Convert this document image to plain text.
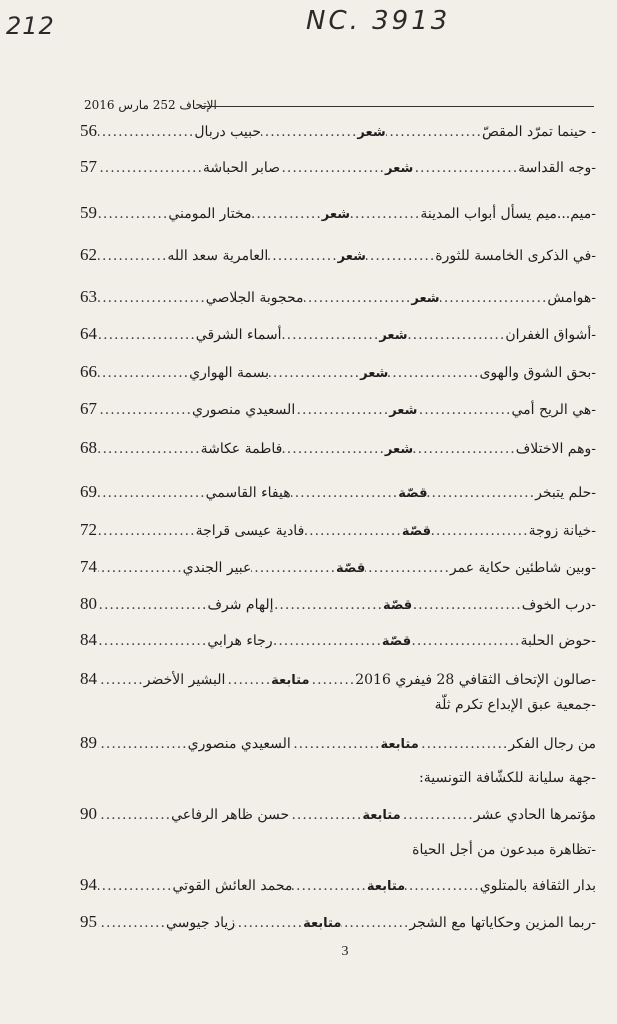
212	NC. 3913
الإتحاف 252 مارس 2016
- حينما تمرّد المقصّ
.....
شعر
.....
حبيب دربال
.....
56
-وجه القداسة
.....
شعر
.....
صابر الحباشة
.....
57
-ميم...ميم يسأل أبواب المدينة
.....
شعر
.....
مختار المومني
.....
59
-في الذكرى الخامسة للثورة
.....
شعر
.....
العامرية سعد الله
.....
62
-هوامش
.....
شعر
.....
محجوبة الجلاصي
.....
63
-أشواق الغفران
.....
شعر
.....
أسماء الشرقي
.....
64
-بحق الشوق والهوى
.....
شعر
.....
بسمة الهواري
.....
66
-هي الريح أمي
.....
شعر
.....
السعيدي منصوري
.....
67
-وهم الاختلاف
.....
شعر
.....
فاطمة عكاشة
.....
68
-حلم يتبخر
.....
قصّة
.....
هيفاء القاسمي
.....
69
-خيانة زوجة
.....
قصّة
.....
فادية عيسى قراجة
.....
72
-وبين شاطئين حكاية عمر
.....
قصّة
.....
عبير الجندي
.....
74
-درب الخوف
.....
قصّة
.....
إلهام شرف
.....
80
-حوض الحلبة
.....
قصّة
.....
رجاء هرابي
.....
84
-صالون الإتحاف الثقافي 28 فيفري 2016
.....
متابعة
.....
البشير الأخضر
.....
84
-جمعية عبق الإبداع تكرم ثلّة
من رجال الفكر
.....
متابعة
.....
السعيدي منصوري
.....
89
-جهة سليانة للكشّافة التونسية:
مؤتمرها الحادي عشر
.....
متابعة
.....
حسن ظاهر الرفاعي
.....
90
-تظاهرة مبدعون من أجل الحياة
بدار الثقافة بالمتلوي
.....
متابعة
.....
محمد العائش القوتي
.....
94
-ربما المزين وحكاياتها مع الشجر
.....
متابعة
.....
زياد جيوسي
.....
95
3
